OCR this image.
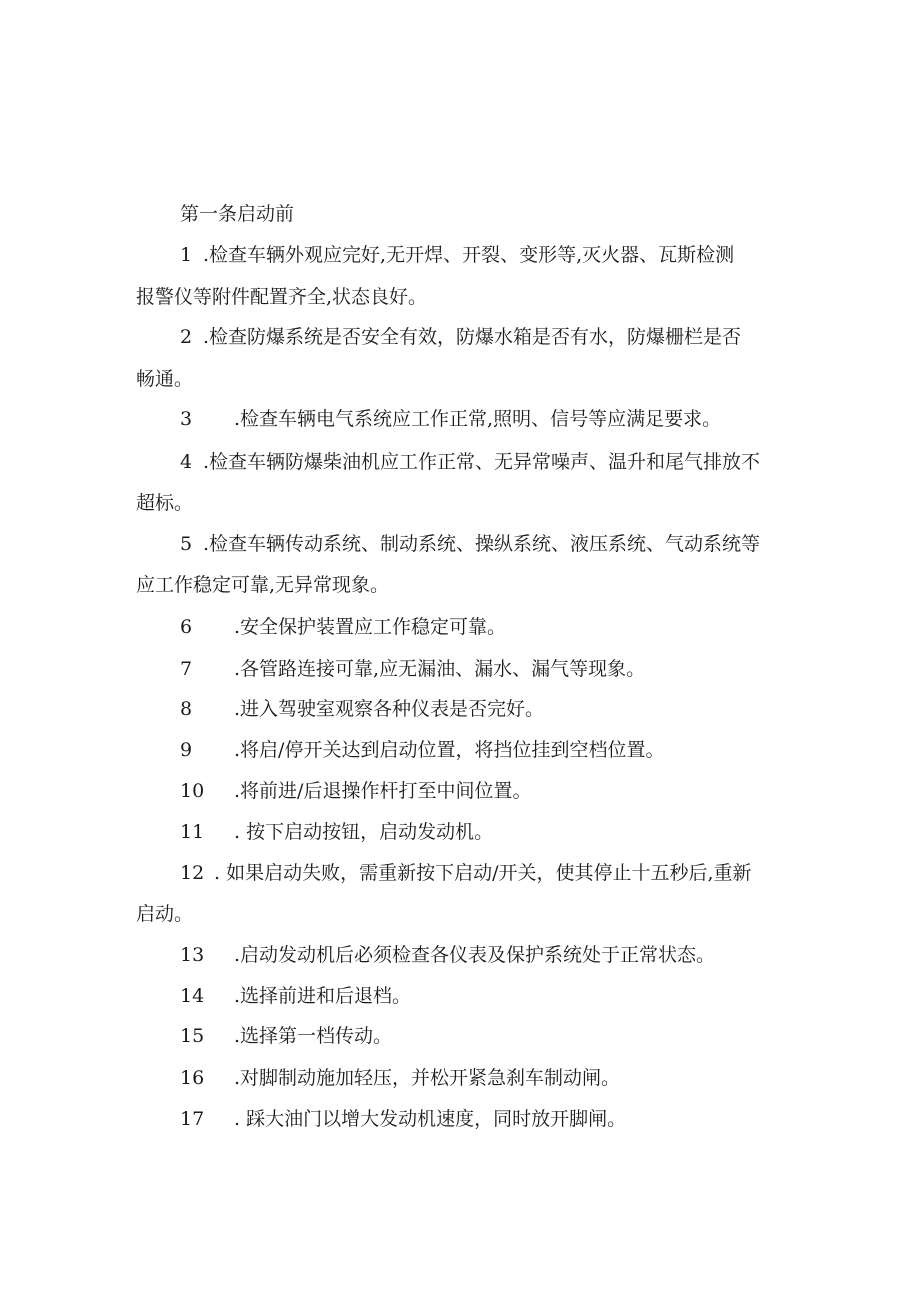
第一条启动前
1 .检查车辆外观应完好,无开焊、开裂、变形等,灭火器、瓦斯检测
报警仪等附件配置齐全,状态良好。
2 .检查防爆系统是否安全有效，防爆水箱是否有水，防爆栅栏是否
畅通。
3 .检查车辆电气系统应工作正常,照明、信号等应满足要求。
4 .检查车辆防爆柴油机应工作正常、无异常噪声、温升和尾气排放不
超标。
5 .检查车辆传动系统、制动系统、操纵系统、液压系统、气动系统等
应工作稳定可靠,无异常现象。
6 .安全保护装置应工作稳定可靠。
7 .各管路连接可靠,应无漏油、漏水、漏气等现象。
8 .进入驾驶室观察各种仪表是否完好。
9 .将启/停开关达到启动位置，将挡位挂到空档位置。
10 .将前进/后退操作杆打至中间位置。
11 . 按下启动按钮，启动发动机。
12 . 如果启动失败，需重新按下启动/开关，使其停止十五秒后,重新
启动。
13 .启动发动机后必须检查各仪表及保护系统处于正常状态。
14 .选择前进和后退档。
15 .选择第一档传动。
16 .对脚制动施加轻压，并松开紧急刹车制动闸。
17 . 踩大油门以增大发动机速度，同时放开脚闸。
